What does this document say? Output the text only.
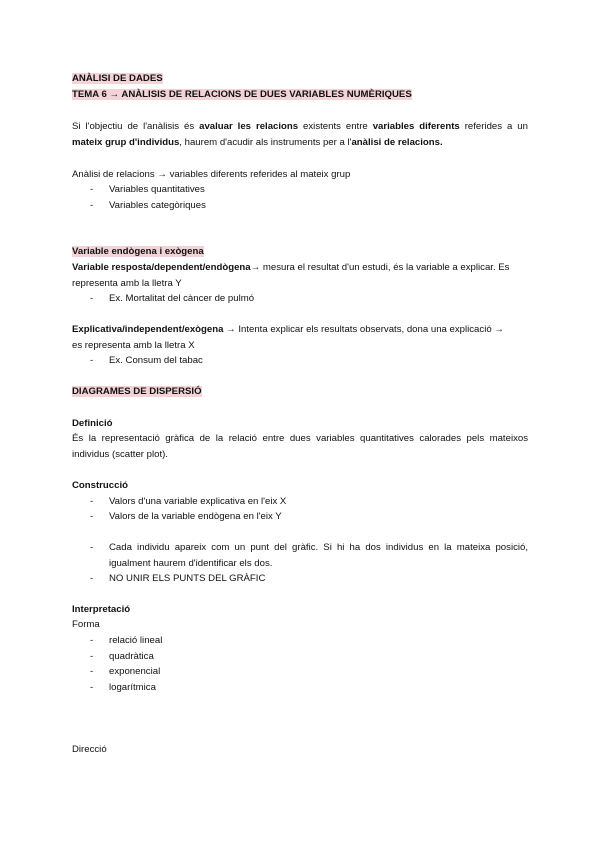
ANÀLISI DE DADES
TEMA 6 → ANÀLISIS DE RELACIONS DE DUES VARIABLES NUMÈRIQUES
Si l'objectiu de l'anàlisis és avaluar les relacions existents entre variables diferents referides a un
mateix grup d'individus, haurem d'acudir als instruments per a l'anàlisi de relacions.
Anàlisi de relacions → variables diferents referides al mateix grup
- Variables quantitatives
- Variables categòriques
Variable endògena i exògena
Variable resposta/dependent/endògena→ mesura el resultat d'un estudi, és la variable a explicar. Es
representa amb la lletra Y
- Ex. Mortalitat del càncer de pulmó
Explicativa/independent/exògena → Intenta explicar els resultats observats, dona una explicació →
es representa amb la lletra X
- Ex. Consum del tabac
DIAGRAMES DE DISPERSIÓ
Definició
És la representació gràfica de la relació entre dues variables quantitatives calorades pels mateixos
individus (scatter plot).
Construcció
- Valors d'una variable explicativa en l'eix X
- Valors de la variable endògena en l'eix Y
- Cada individu apareix com un punt del gràfic. Si hi ha dos individus en la mateixa posició,
igualment haurem d'identificar els dos.
- NO UNIR ELS PUNTS DEL GRÀFIC
Interpretació
Forma
- relació lineal
- quadràtica
- exponencial
- logarítmica
Direcció
